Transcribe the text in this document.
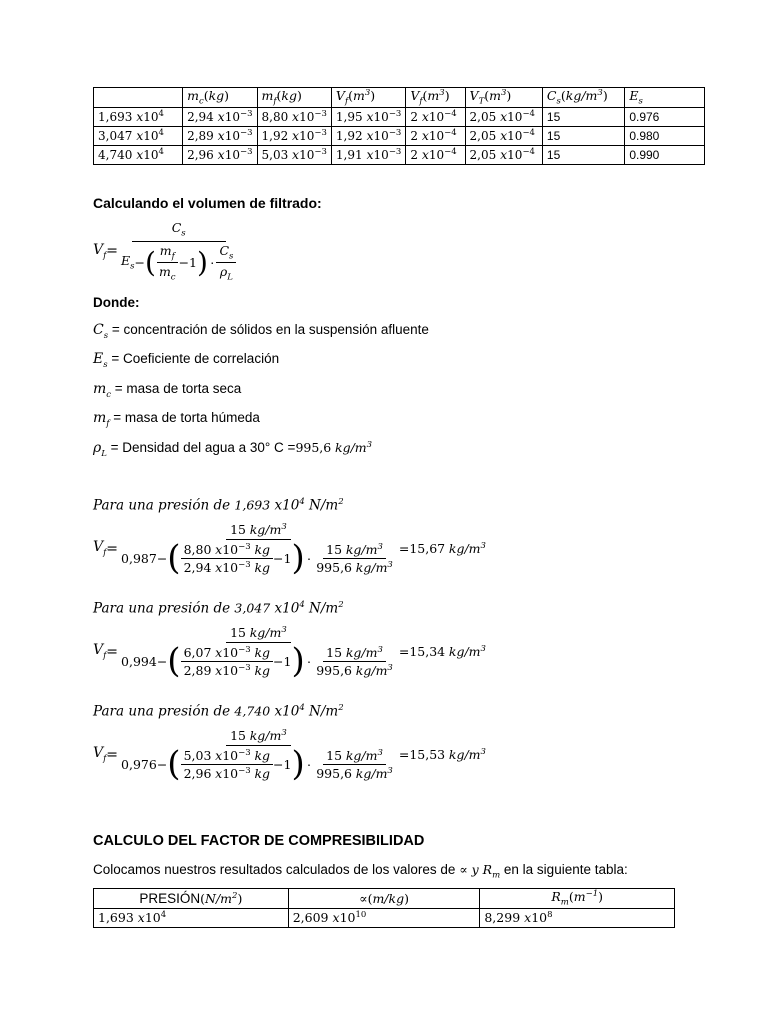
	$m_c(kg)$	$m_f(kg)$	$V_f(m^3)$	$V_f(m^3)$	$V_T(m^3)$	$C_s(kg/m^3)$	$E_s$
1,693 $x10^4$	2,94 $x10^{-3}$	8,80 $x10^{-3}$	1,95 $x10^{-3}$	2 $x10^{-4}$	2,05 $x10^{-4}$	15	0.976
3,047 $x10^4$	2,89 $x10^{-3}$	1,92 $x10^{-3}$	1,92 $x10^{-3}$	2 $x10^{-4}$	2,05 $x10^{-4}$	15	0.980
4,740 $x10^4$	2,96 $x10^{-3}$	5,03 $x10^{-3}$	1,91 $x10^{-3}$	2 $x10^{-4}$	2,05 $x10^{-4}$	15	0.990
Calculando el volumen de filtrado:
$V_f = \frac{C_s}{E_s - ( \frac{m_f}{m_c} -1 ) \cdot \frac{C_s}{\rho_L}}$
Donde:
$C_s$ = concentración de sólidos en la suspensión afluente
$E_s$ = Coeficiente de correlación
$m_c$ = masa de torta seca
$m_f$ = masa de torta húmeda
$\rho_L$ = Densidad del agua a 30° C =995,6 $kg/m^3$
Para una presión de 1,693 $x10^4$ $N/m^2$
$V_f$ =
15 $kg/m^3$
0,987 − ( $\frac{8,80 x10^{-3} kg}{2,94 x10^{-3} kg} -1$ ) · $\frac{15 kg/m^3}{995,6 kg/m^3} = 15,67$
$kg/m^3$
Para una presión de 3,047 $x10^4$ $N/m^2$
$V_f$ =
15 $kg/m^3$
0,994 − ( $\frac{6,07 x10^{-3} kg}{2,89 x10^{-3} kg} -1$ ) · $\frac{15 kg/m^3}{995,6 kg/m^3} = 15,34$
$kg/m^3$
Para una presión de 4,740 $x10^4$ $N/m^2$
$V_f$ =
15 $kg/m^3$
0,976 − ( $\frac{5,03 x10^{-3} kg}{2,96 x10^{-3} kg} -1$ ) · $\frac{15 kg/m^3}{995,6 kg/m^3} = 15,53$
$kg/m^3$
CALCULO DEL FACTOR DE COMPRESIBILIDAD
Colocamos nuestros resultados calculados de los valores de ∝ y $R_m$ en la siguiente tabla:
$PRESIÓN(N/m^2)$	∝(m/kg)	$R_m(m^{-1})$
1,693 $x10^4$	2,609 $x10^{10}$	8,299 $x10^8$
